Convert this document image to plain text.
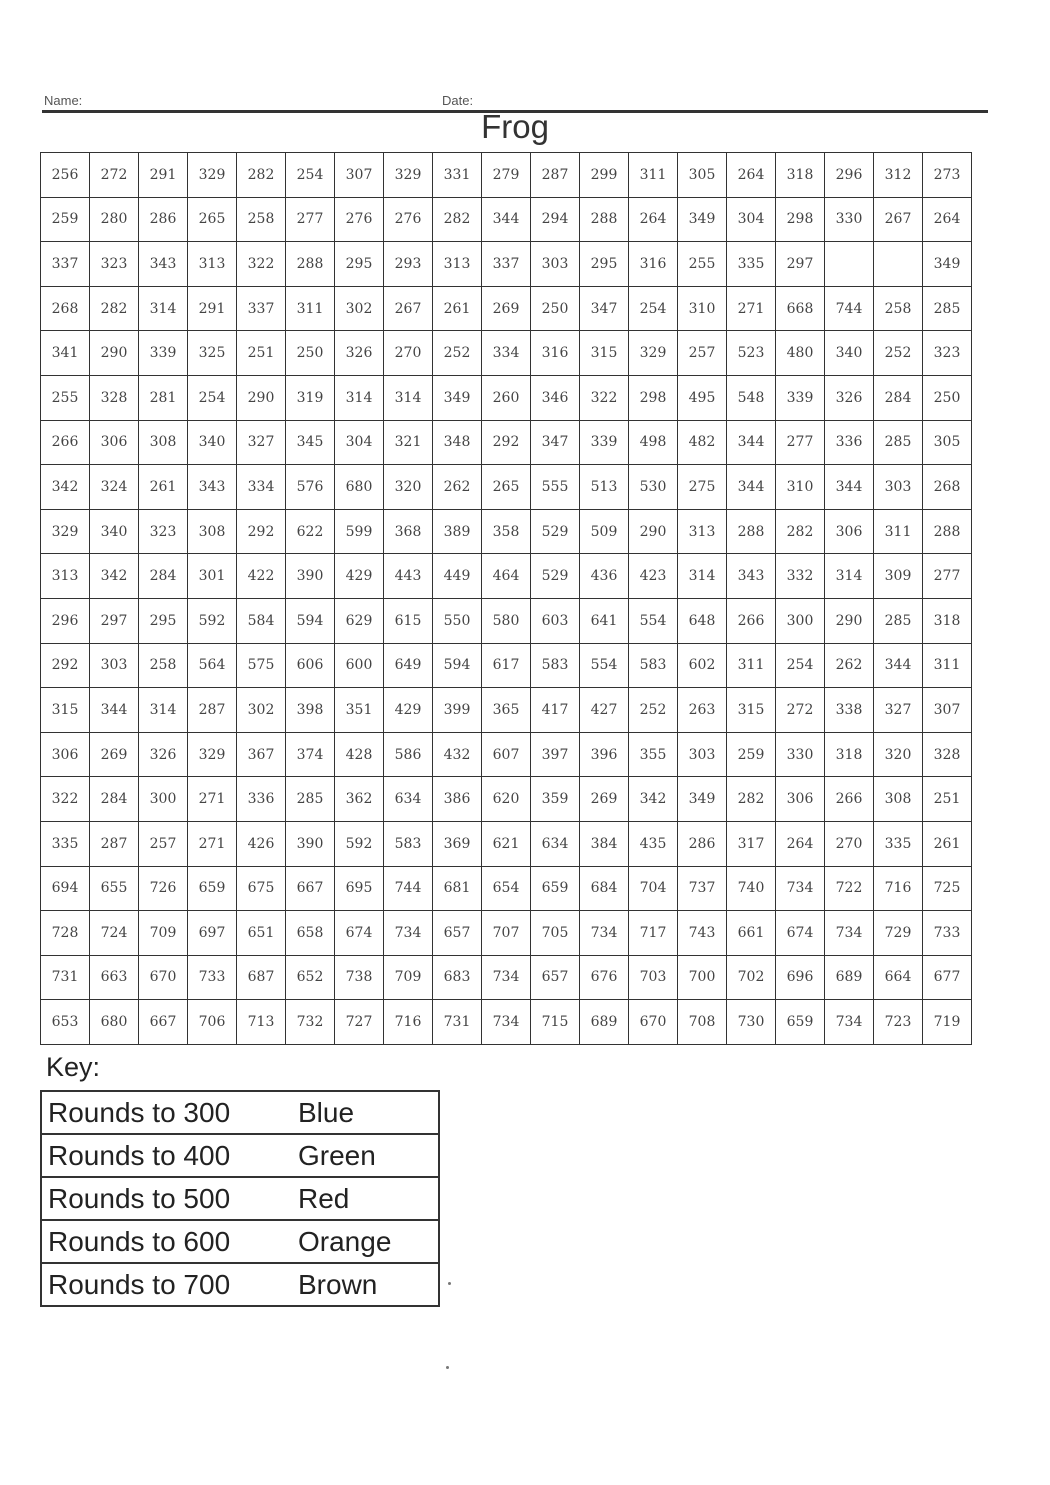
Name:	Date:
Frog
256	272	291	329	282	254	307	329	331	279	287	299	311	305	264	318	296	312	273
259	280	286	265	258	277	276	276	282	344	294	288	264	349	304	298	330	267	264
337	323	343	313	322	288	295	293	313	337	303	295	316	255	335	297			349
268	282	314	291	337	311	302	267	261	269	250	347	254	310	271	668	744	258	285
341	290	339	325	251	250	326	270	252	334	316	315	329	257	523	480	340	252	323
255	328	281	254	290	319	314	314	349	260	346	322	298	495	548	339	326	284	250
266	306	308	340	327	345	304	321	348	292	347	339	498	482	344	277	336	285	305
342	324	261	343	334	576	680	320	262	265	555	513	530	275	344	310	344	303	268
329	340	323	308	292	622	599	368	389	358	529	509	290	313	288	282	306	311	288
313	342	284	301	422	390	429	443	449	464	529	436	423	314	343	332	314	309	277
296	297	295	592	584	594	629	615	550	580	603	641	554	648	266	300	290	285	318
292	303	258	564	575	606	600	649	594	617	583	554	583	602	311	254	262	344	311
315	344	314	287	302	398	351	429	399	365	417	427	252	263	315	272	338	327	307
306	269	326	329	367	374	428	586	432	607	397	396	355	303	259	330	318	320	328
322	284	300	271	336	285	362	634	386	620	359	269	342	349	282	306	266	308	251
335	287	257	271	426	390	592	583	369	621	634	384	435	286	317	264	270	335	261
694	655	726	659	675	667	695	744	681	654	659	684	704	737	740	734	722	716	725
728	724	709	697	651	658	674	734	657	707	705	734	717	743	661	674	734	729	733
731	663	670	733	687	652	738	709	683	734	657	676	703	700	702	696	689	664	677
653	680	667	706	713	732	727	716	731	734	715	689	670	708	730	659	734	723	719
Key:
Rounds to 300	Blue
Rounds to 400	Green
Rounds to 500	Red
Rounds to 600	Orange
Rounds to 700	Brown
